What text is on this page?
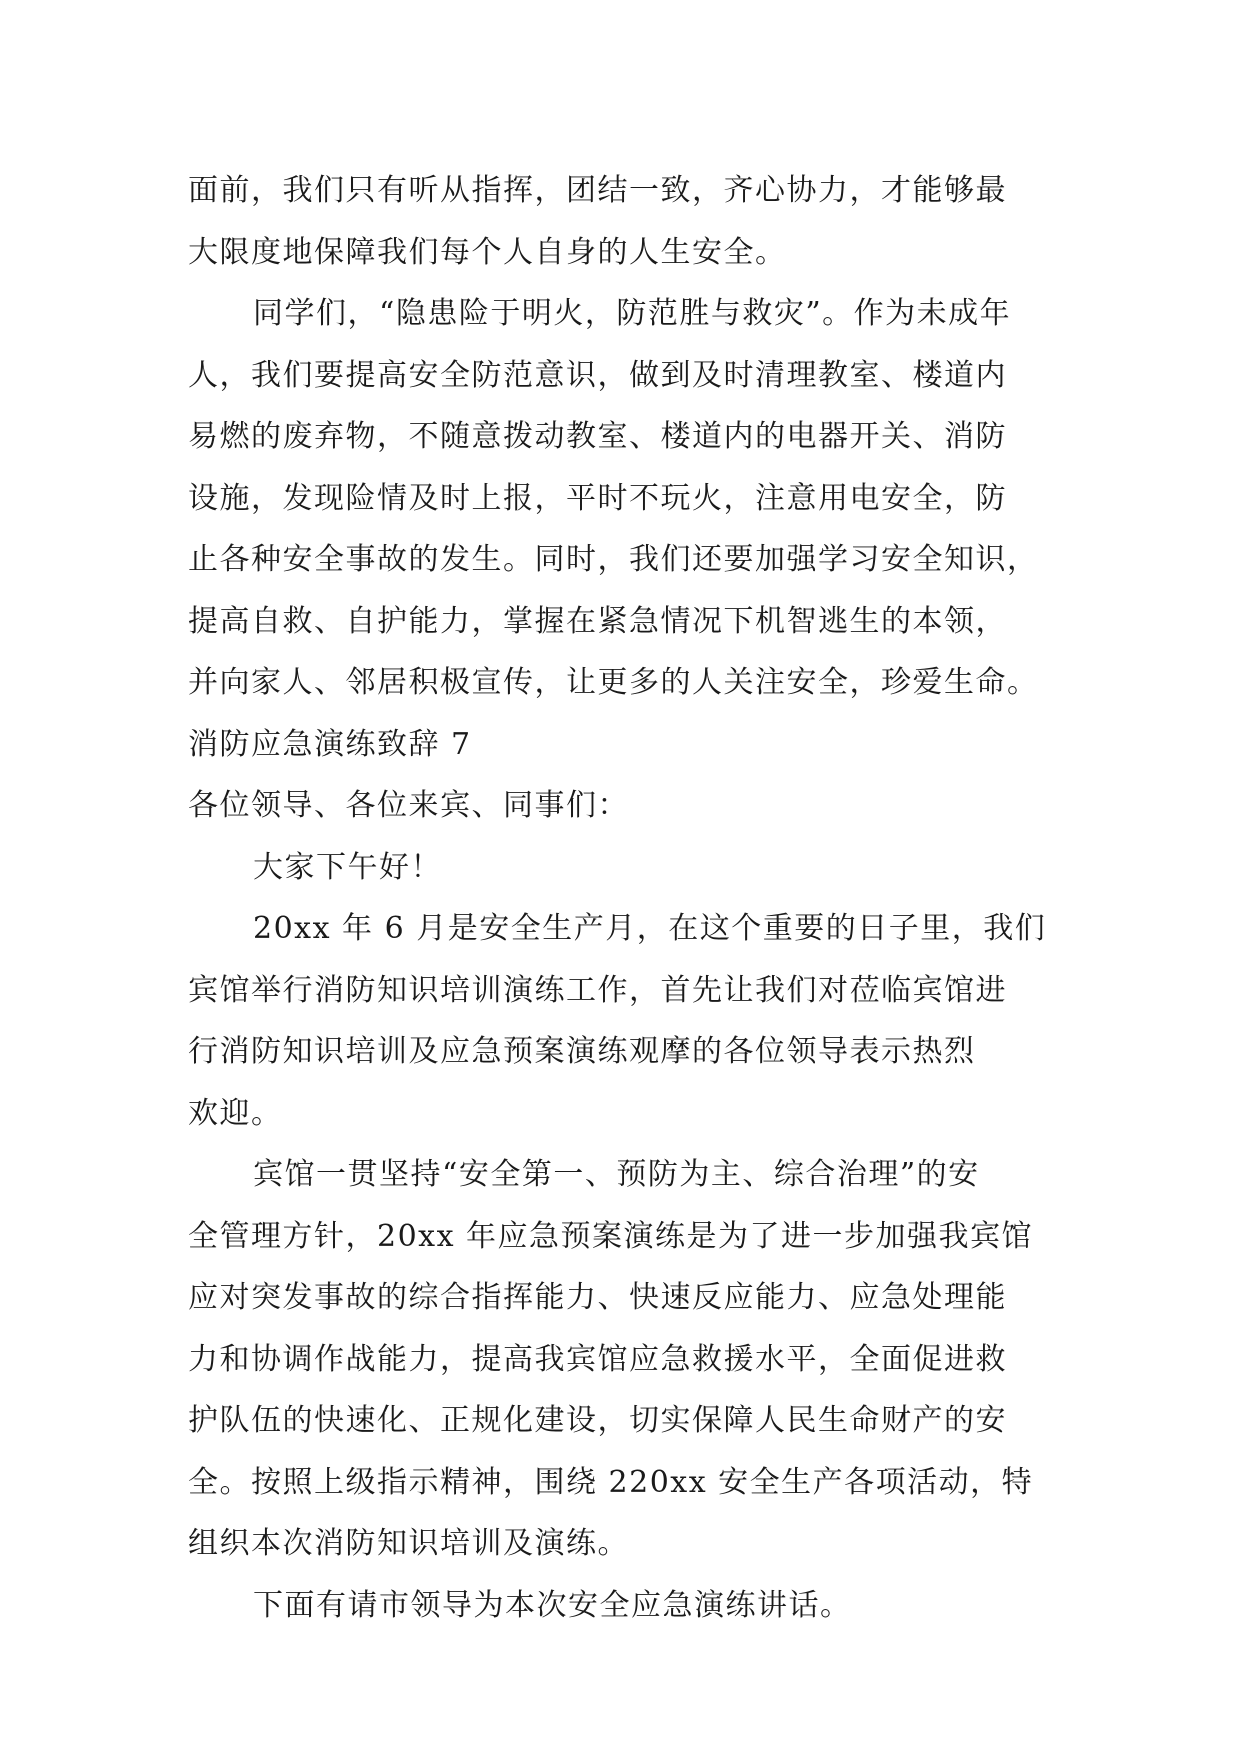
面前，我们只有听从指挥，团结一致，齐心协力，才能够最
大限度地保障我们每个人自身的人生安全。
同学们，“隐患险于明火，防范胜与救灾”。作为未成年
人，我们要提高安全防范意识，做到及时清理教室、楼道内
易燃的废弃物，不随意拨动教室、楼道内的电器开关、消防
设施，发现险情及时上报，平时不玩火，注意用电安全，防
止各种安全事故的发生。同时，我们还要加强学习安全知识，
提高自救、自护能力，掌握在紧急情况下机智逃生的本领，
并向家人、邻居积极宣传，让更多的人关注安全，珍爱生命。
消防应急演练致辞 7
各位领导、各位来宾、同事们：
大家下午好！
20xx 年 6 月是安全生产月，在这个重要的日子里，我们
宾馆举行消防知识培训演练工作，首先让我们对莅临宾馆进
行消防知识培训及应急预案演练观摩的各位领导表示热烈
欢迎。
宾馆一贯坚持“安全第一、预防为主、综合治理”的安
全管理方针，20xx 年应急预案演练是为了进一步加强我宾馆
应对突发事故的综合指挥能力、快速反应能力、应急处理能
力和协调作战能力，提高我宾馆应急救援水平，全面促进救
护队伍的快速化、正规化建设，切实保障人民生命财产的安
全。按照上级指示精神，围绕 220xx 安全生产各项活动，特
组织本次消防知识培训及演练。
下面有请市领导为本次安全应急演练讲话。
